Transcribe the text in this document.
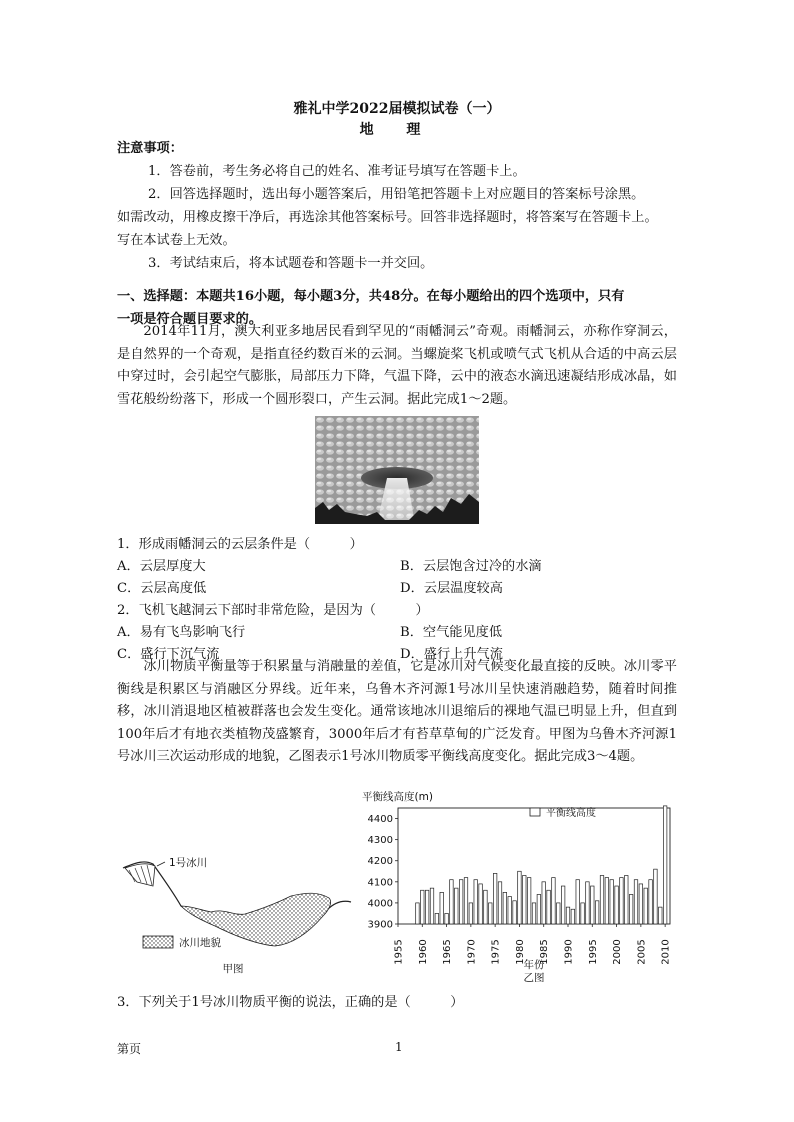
雅礼中学2022届模拟试卷（一）
地 理
注意事项：
1．答卷前，考生务必将自己的姓名、准考证号填写在答题卡上。
2．回答选择题时，选出每小题答案后，用铅笔把答题卡上对应题目的答案标号涂黑。
如需改动，用橡皮擦干净后，再选涂其他答案标号。回答非选择题时，将答案写在答题卡上。
写在本试卷上无效。
3．考试结束后，将本试题卷和答题卡一并交回。
一、选择题：本题共16小题，每小题3分，共48分。在每小题给出的四个选项中，只有
一项是符合题目要求的。

2014年11月，澳大利亚多地居民看到罕见的“雨幡洞云”奇观。雨幡洞云，亦称作穿洞云，是自然界的一个奇观，是指直径约数百米的云洞。当螺旋桨飞机或喷气式飞机从合适的中高云层中穿过时，会引起空气膨胀，局部压力下降，气温下降，云中的液态水滴迅速凝结形成冰晶，如雪花般纷纷落下，形成一个圆形裂口，产生云洞。据此完成1～2题。

1．形成雨幡洞云的云层条件是（　　　）
A．云层厚度大	B．云层饱含过冷的水滴
C．云层高度低	D．云层温度较高
2．飞机飞越洞云下部时非常危险，是因为（　　　）
A．易有飞鸟影响飞行	B．空气能见度低
C．盛行下沉气流	D．盛行上升气流

冰川物质平衡量等于积累量与消融量的差值，它是冰川对气候变化最直接的反映。冰川零平衡线是积累区与消融区分界线。近年来，乌鲁木齐河源1号冰川呈快速消融趋势，随着时间推移，冰川消退地区植被群落也会发生变化。通常该地冰川退缩后的裸地气温已明显上升，但直到100年后才有地衣类植物茂盛繁育，3000年后才有苔草草甸的广泛发育。甲图为乌鲁木齐河源1号冰川三次运动形成的地貌，乙图表示1号冰川物质零平衡线高度变化。据此完成3～4题。

1号冰川
冰川地貌
甲图
平衡线高度(m)
3900
4000
4100
4200
4300
4400
1955 1960 1965 1970 1975 1980 1985 1990 1995 2000 2005 2010
平衡线高度
年份
乙图
3．下列关于1号冰川物质平衡的说法，正确的是（　　　）
第页	1
